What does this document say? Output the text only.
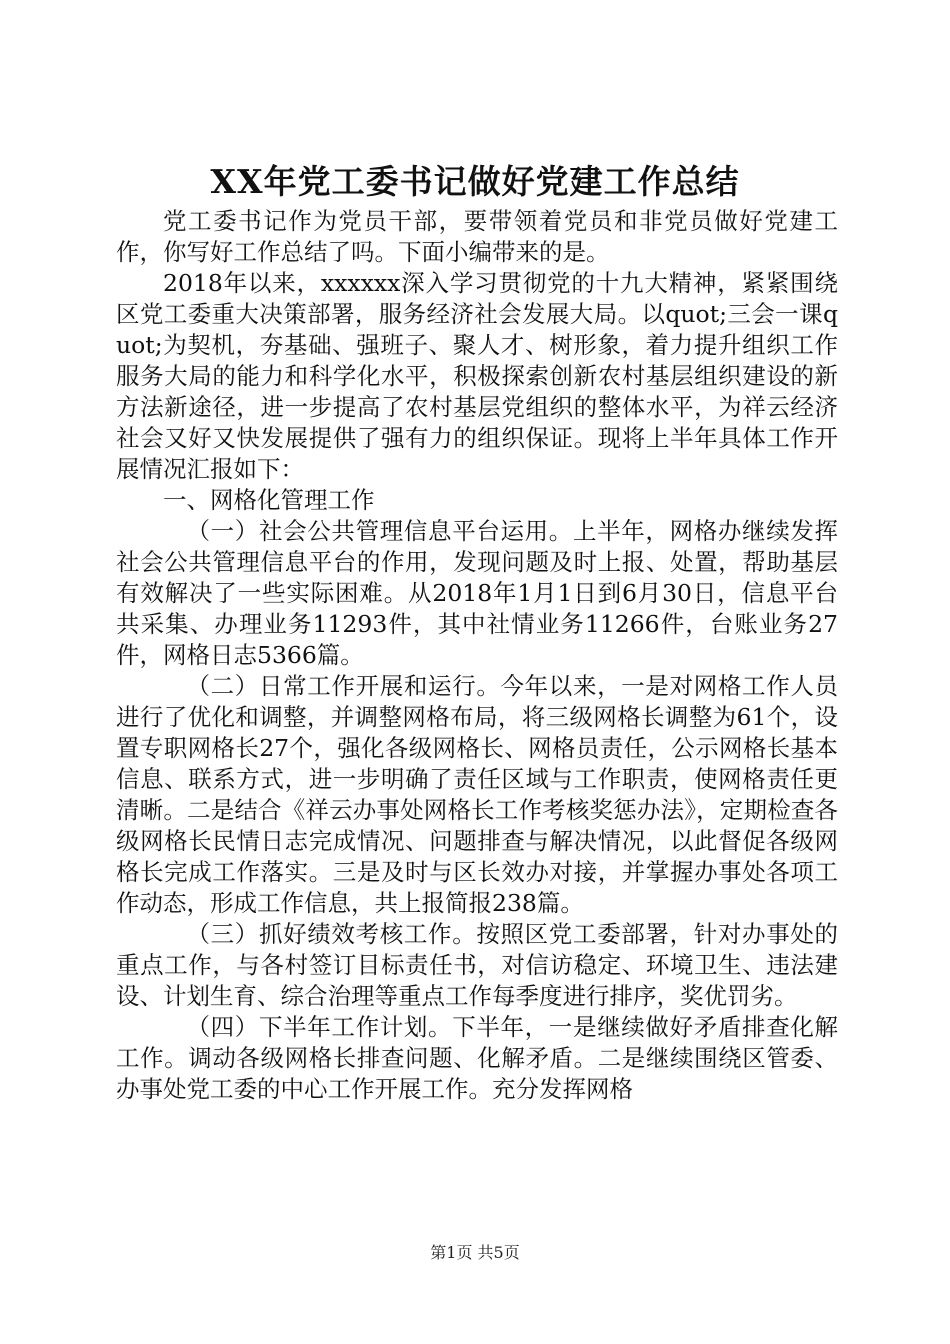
XX年党工委书记做好党建工作总结

党工委书记作为党员干部，要带领着党员和非党员做好党建工作，你写好工作总结了吗。下面小编带来的是。

2018年以来，xxxxxx深入学习贯彻党的十九大精神，紧紧围绕区党工委重大决策部署，服务经济社会发展大局。以quot;三会一课quot;为契机，夯基础、强班子、聚人才、树形象，着力提升组织工作服务大局的能力和科学化水平，积极探索创新农村基层组织建设的新方法新途径，进一步提高了农村基层党组织的整体水平，为祥云经济社会又好又快发展提供了强有力的组织保证。现将上半年具体工作开展情况汇报如下：

一、网格化管理工作

（一）社会公共管理信息平台运用。上半年，网格办继续发挥社会公共管理信息平台的作用，发现问题及时上报、处置，帮助基层有效解决了一些实际困难。从2018年1月1日到6月30日，信息平台共采集、办理业务11293件，其中社情业务11266件，台账业务27件，网格日志5366篇。

（二）日常工作开展和运行。今年以来，一是对网格工作人员进行了优化和调整，并调整网格布局，将三级网格长调整为61个，设置专职网格长27个，强化各级网格长、网格员责任，公示网格长基本信息、联系方式，进一步明确了责任区域与工作职责，使网格责任更清晰。二是结合《祥云办事处网格长工作考核奖惩办法》，定期检查各级网格长民情日志完成情况、问题排查与解决情况，以此督促各级网格长完成工作落实。三是及时与区长效办对接，并掌握办事处各项工作动态，形成工作信息，共上报简报238篇。

（三）抓好绩效考核工作。按照区党工委部署，针对办事处的重点工作，与各村签订目标责任书，对信访稳定、环境卫生、违法建设、计划生育、综合治理等重点工作每季度进行排序，奖优罚劣。

（四）下半年工作计划。下半年，一是继续做好矛盾排查化解工作。调动各级网格长排查问题、化解矛盾。二是继续围绕区管委、办事处党工委的中心工作开展工作。充分发挥网格

第1页 共5页
